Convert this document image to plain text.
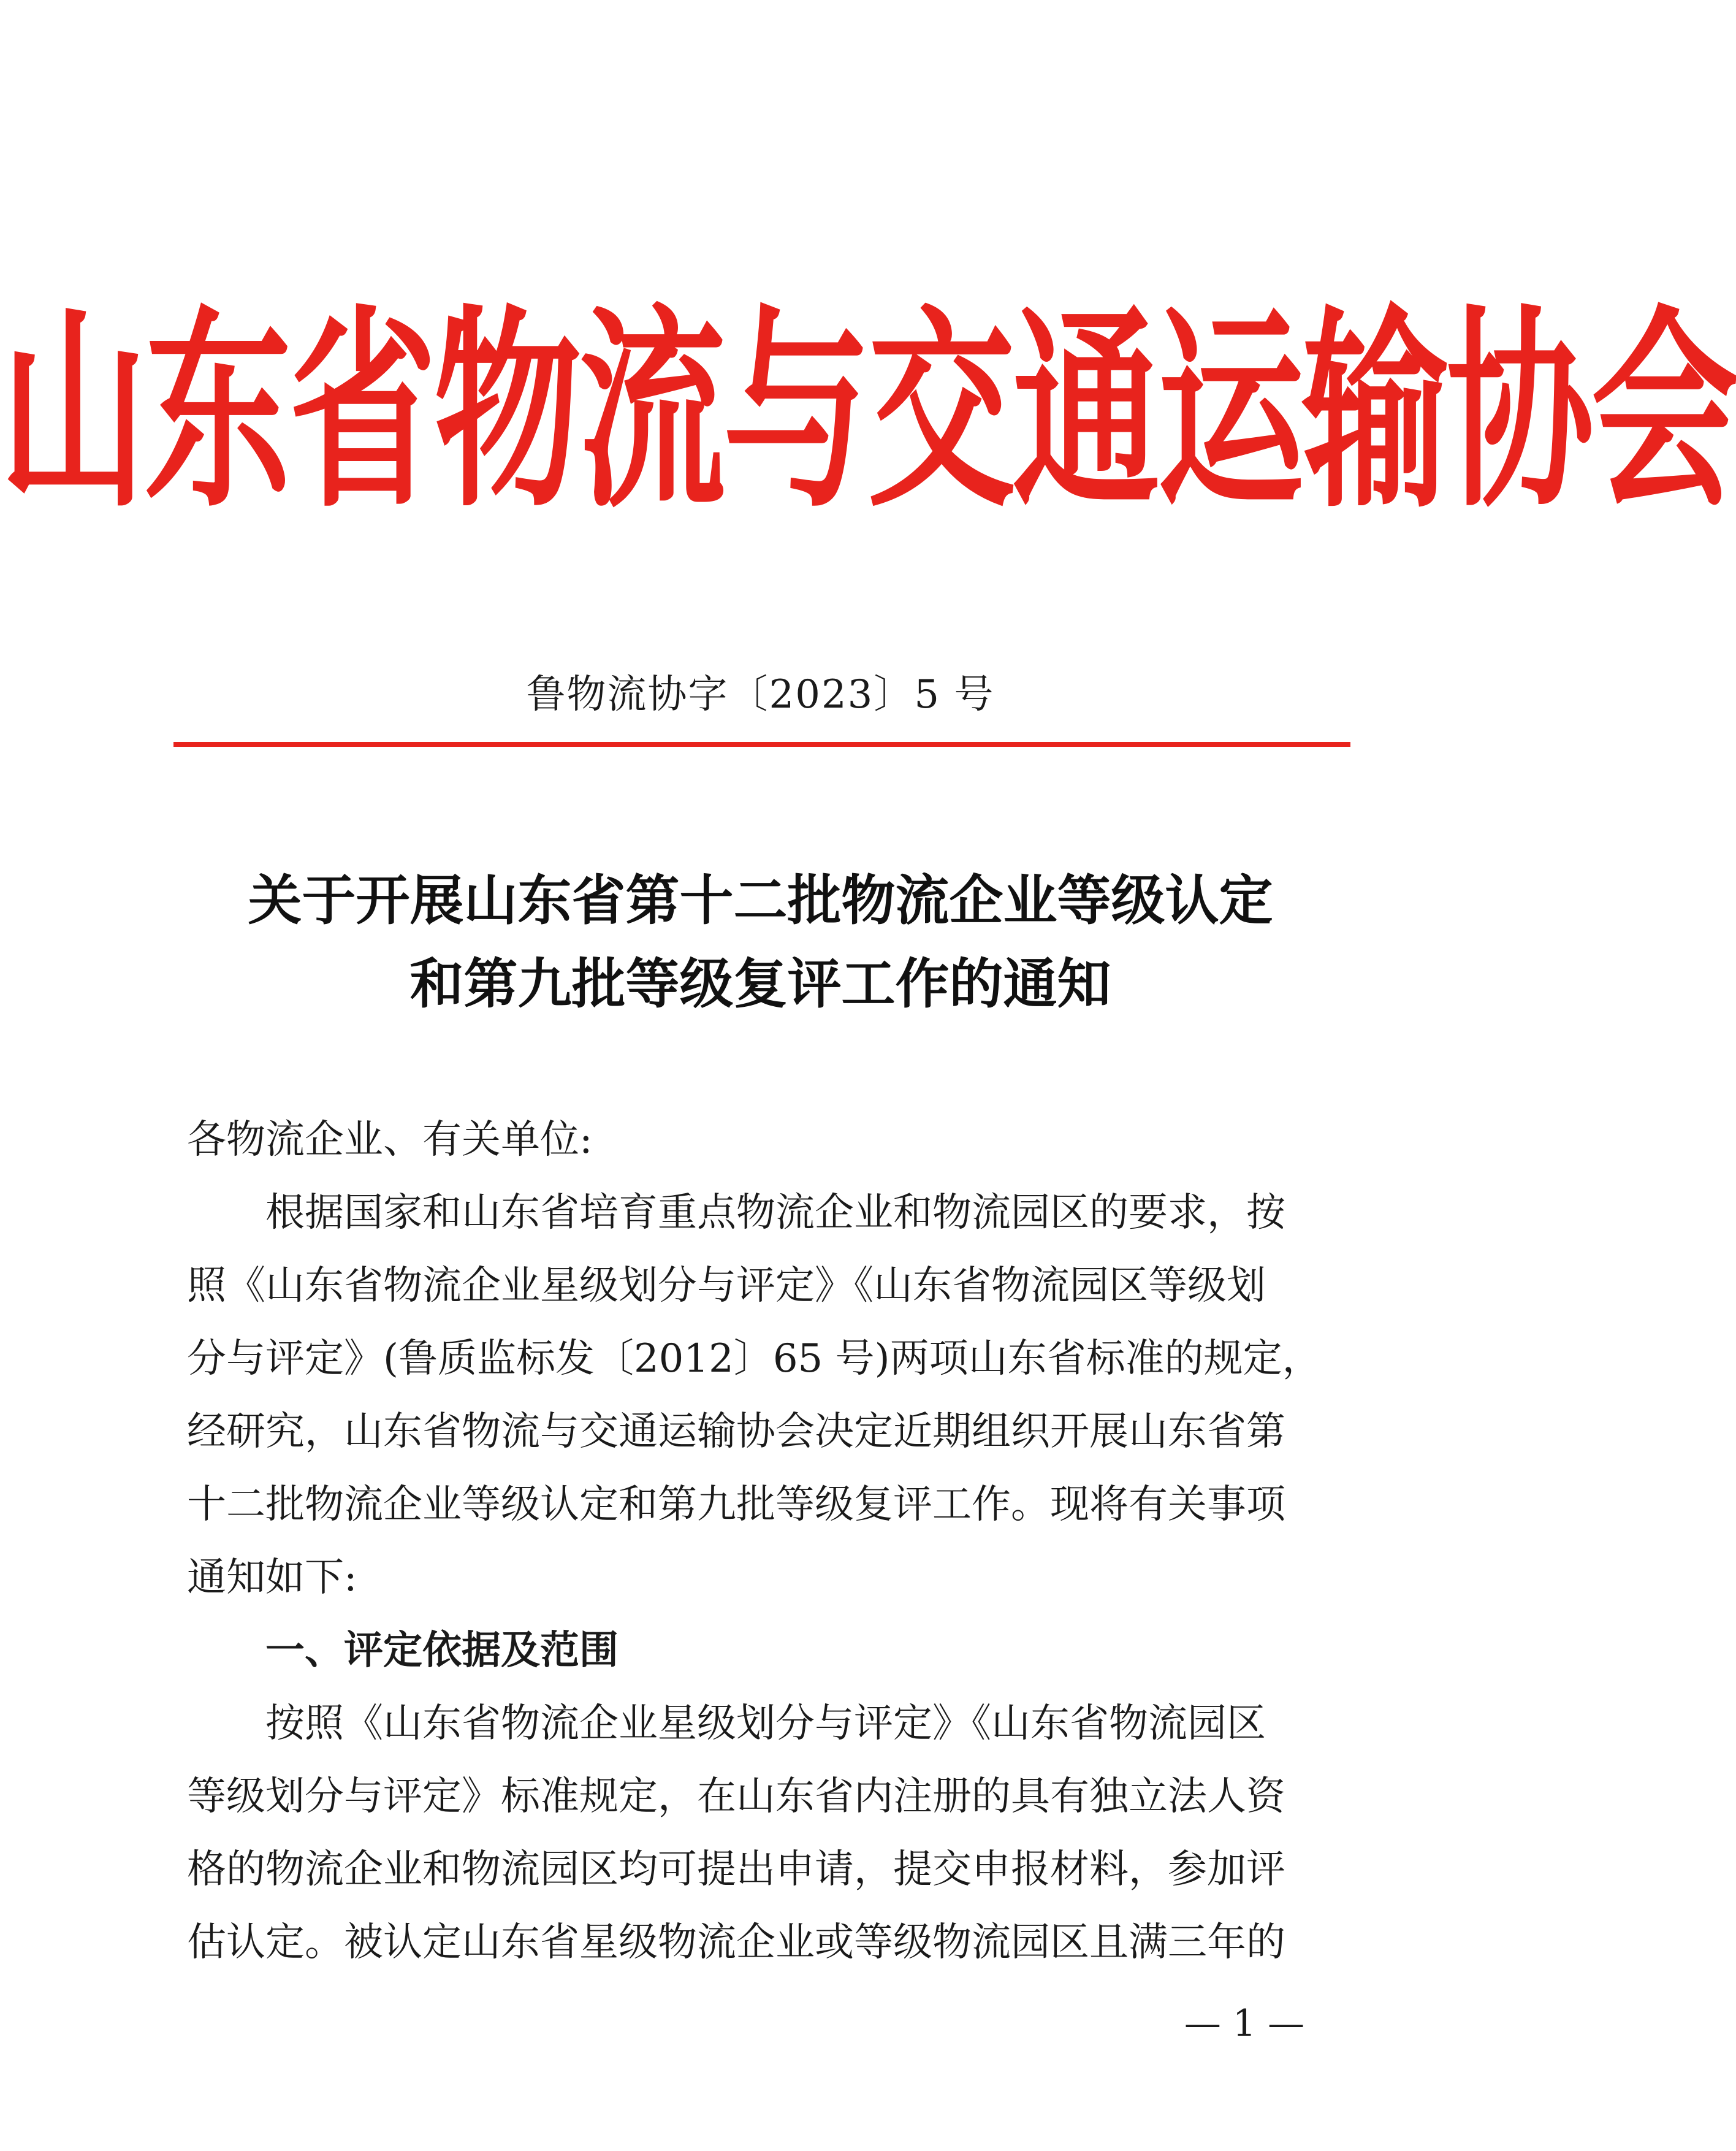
山东省物流与交通运输协会
鲁物流协字〔2023〕5 号
关于开展山东省第十二批物流企业等级认定
和第九批等级复评工作的通知
各物流企业、有关单位:
根据国家和山东省培育重点物流企业和物流园区的要求，按
照《山东省物流企业星级划分与评定》《山东省物流园区等级划
分与评定》(鲁质监标发〔2012〕65 号)两项山东省标准的规定，
经研究，山东省物流与交通运输协会决定近期组织开展山东省第
十二批物流企业等级认定和第九批等级复评工作。现将有关事项
通知如下:
一、评定依据及范围
按照《山东省物流企业星级划分与评定》《山东省物流园区
等级划分与评定》标准规定，在山东省内注册的具有独立法人资
格的物流企业和物流园区均可提出申请，提交申报材料，参加评
估认定。被认定山东省星级物流企业或等级物流园区且满三年的
— 1 —
